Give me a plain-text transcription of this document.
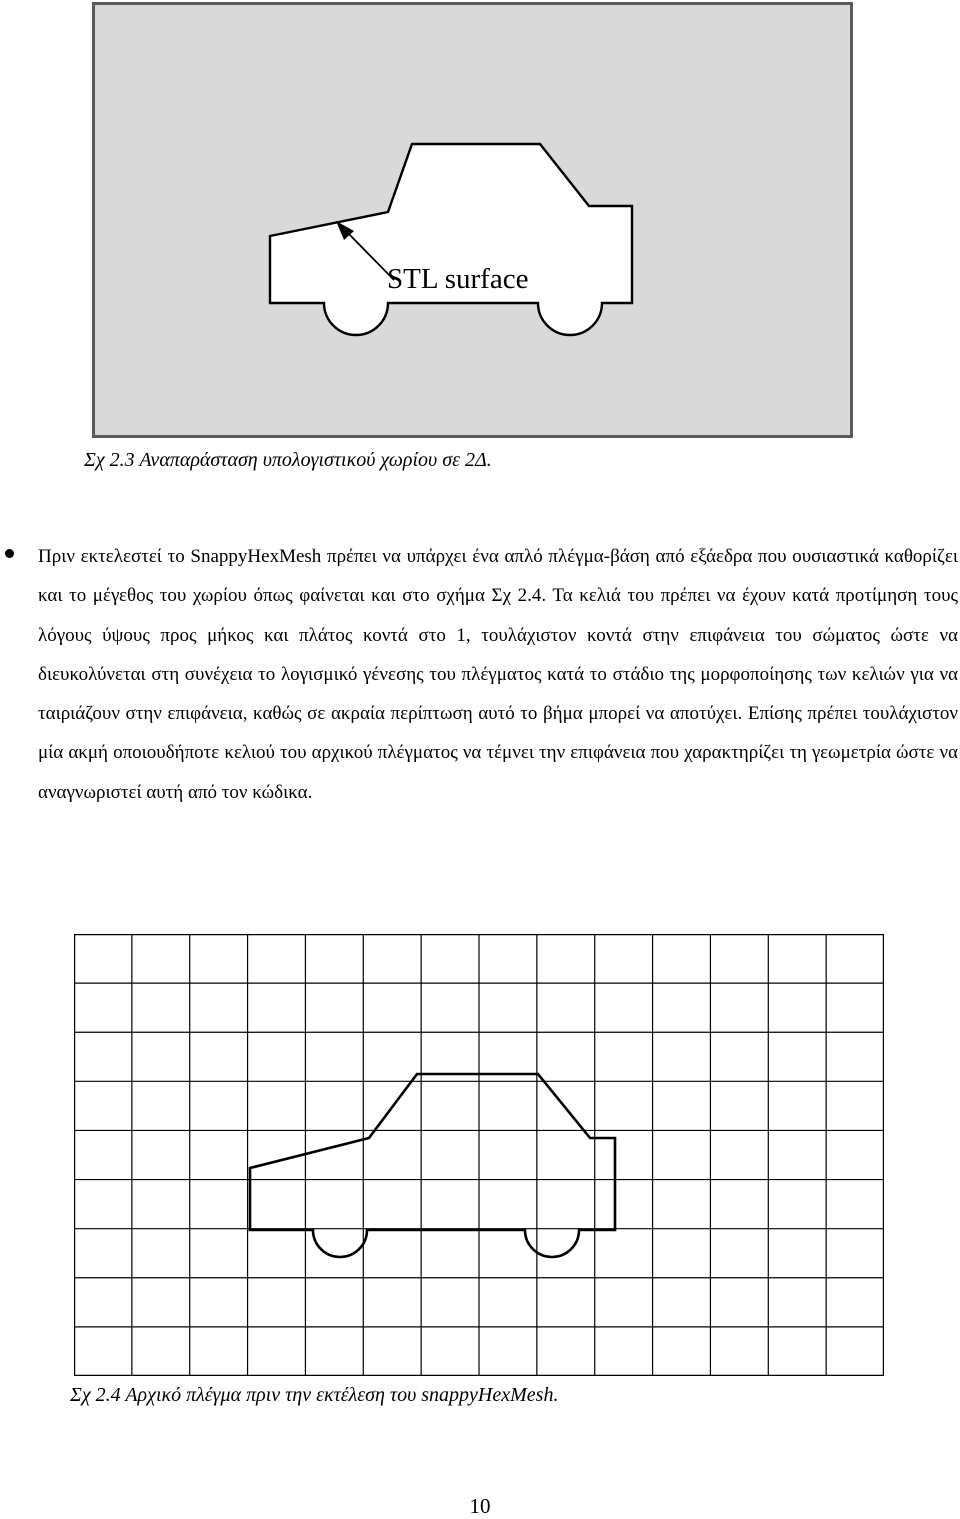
STL surface
Σχ 2.3 Αναπαράσταση υπολογιστικού χωρίου σε 2Δ.
Πριν εκτελεστεί το SnappyHexMesh πρέπει να υπάρχει ένα απλό πλέγμα-βάση από εξάεδρα που ουσιαστικά καθορίζει και το μέγεθος του χωρίου όπως φαίνεται και στο σχήμα Σχ 2.4. Τα κελιά του πρέπει να έχουν κατά προτίμηση τους λόγους ύψους προς μήκος και πλάτος κοντά στο 1, τουλάχιστον κοντά στην επιφάνεια του σώματος ώστε να διευκολύνεται στη συνέχεια το λογισμικό γένεσης του πλέγματος κατά το στάδιο της μορφοποίησης των κελιών για να ταιριάζουν στην επιφάνεια, καθώς σε ακραία περίπτωση αυτό το βήμα μπορεί να αποτύχει. Επίσης πρέπει τουλάχιστον μία ακμή οποιουδήποτε κελιού του αρχικού πλέγματος να τέμνει την επιφάνεια που χαρακτηρίζει τη γεωμετρία ώστε να αναγνωριστεί αυτή από τον κώδικα.
Σχ 2.4 Αρχικό πλέγμα πριν την εκτέλεση του snappyHexMesh.
10
